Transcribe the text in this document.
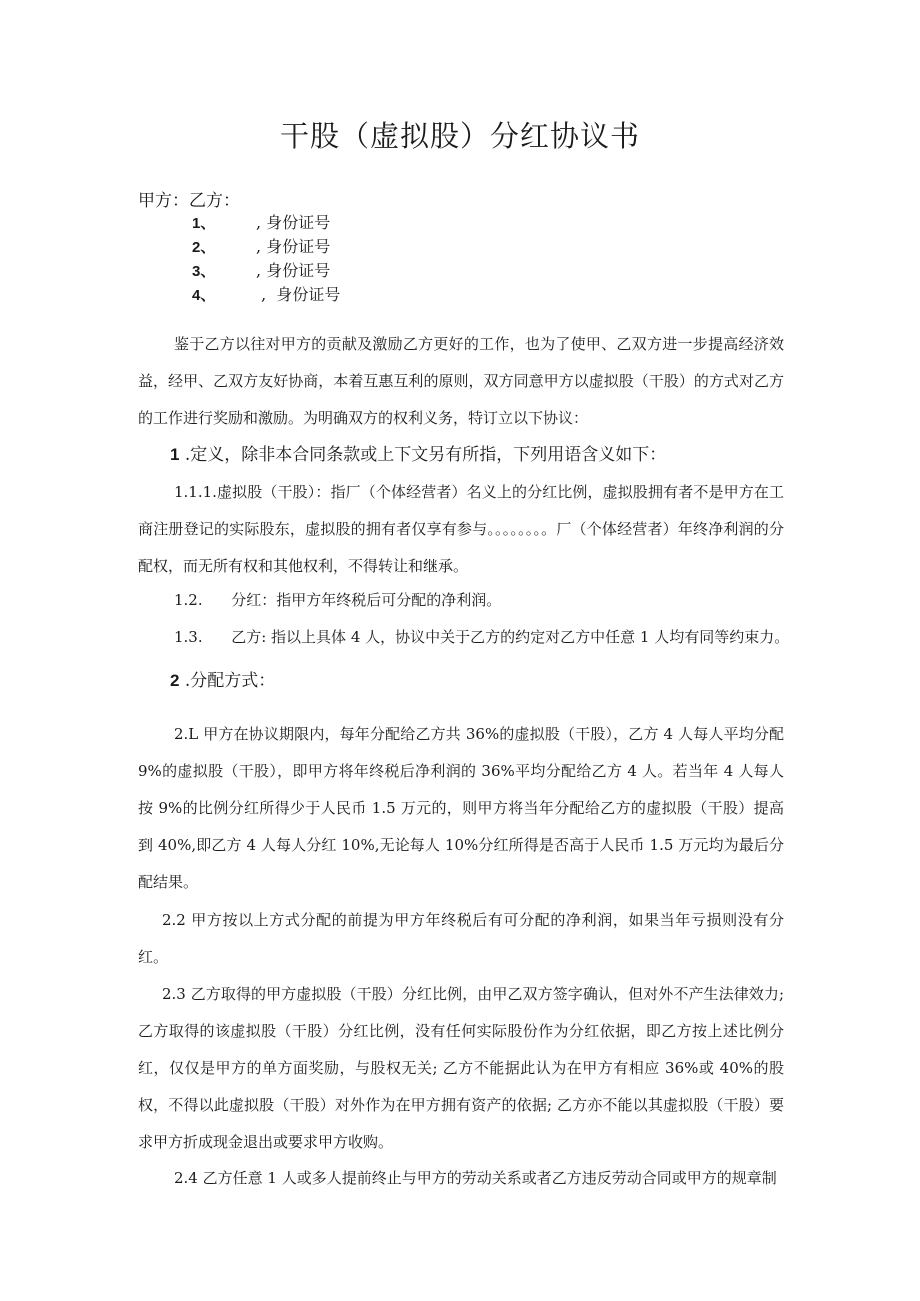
干股（虚拟股）分红协议书
甲方：乙方：
1、        , 身份证号
2、        , 身份证号
3、        , 身份证号
4、         ,  身份证号

鉴于乙方以往对甲方的贡献及激励乙方更好的工作，也为了使甲、乙双方进一步提高经济效益，经甲、乙双方友好协商，本着互惠互利的原则，双方同意甲方以虚拟股（干股）的方式对乙方的工作进行奖励和激励。为明确双方的权利义务，特订立以下协议：

1 .定义，除非本合同条款或上下文另有所指，下列用语含义如下：

1.1.1.虚拟股（干股）：指厂（个体经营者）名义上的分红比例，虚拟股拥有者不是甲方在工商注册登记的实际股东，虚拟股的拥有者仅享有参与。。。。。。。。厂（个体经营者）年终净利润的分配权，而无所有权和其他权利，不得转让和继承。

1.2.      分红：指甲方年终税后可分配的净利润。
1.3.      乙方: 指以上具体 4 人，协议中关于乙方的约定对乙方中任意 1 人均有同等约束力。
2 .分配方式：

2.L 甲方在协议期限内，每年分配给乙方共 36%的虚拟股（干股），乙方 4 人每人平均分配 9%的虚拟股（干股），即甲方将年终税后净利润的 36%平均分配给乙方 4 人。若当年 4 人每人按 9%的比例分红所得少于人民币 1.5 万元的，则甲方将当年分配给乙方的虚拟股（干股）提高到 40%,即乙方 4 人每人分红 10%,无论每人 10%分红所得是否高于人民币 1.5 万元均为最后分配结果。

2.2 甲方按以上方式分配的前提为甲方年终税后有可分配的净利润，如果当年亏损则没有分红。

2.3 乙方取得的甲方虚拟股（干股）分红比例，由甲乙双方签字确认，但对外不产生法律效力; 乙方取得的该虚拟股（干股）分红比例，没有任何实际股份作为分红依据，即乙方按上述比例分红，仅仅是甲方的单方面奖励，与股权无关; 乙方不能据此认为在甲方有相应 36%或 40%的股权，不得以此虚拟股（干股）对外作为在甲方拥有资产的依据; 乙方亦不能以其虚拟股（干股）要求甲方折成现金退出或要求甲方收购。

2.4 乙方任意 1 人或多人提前终止与甲方的劳动关系或者乙方违反劳动合同或甲方的规章制
